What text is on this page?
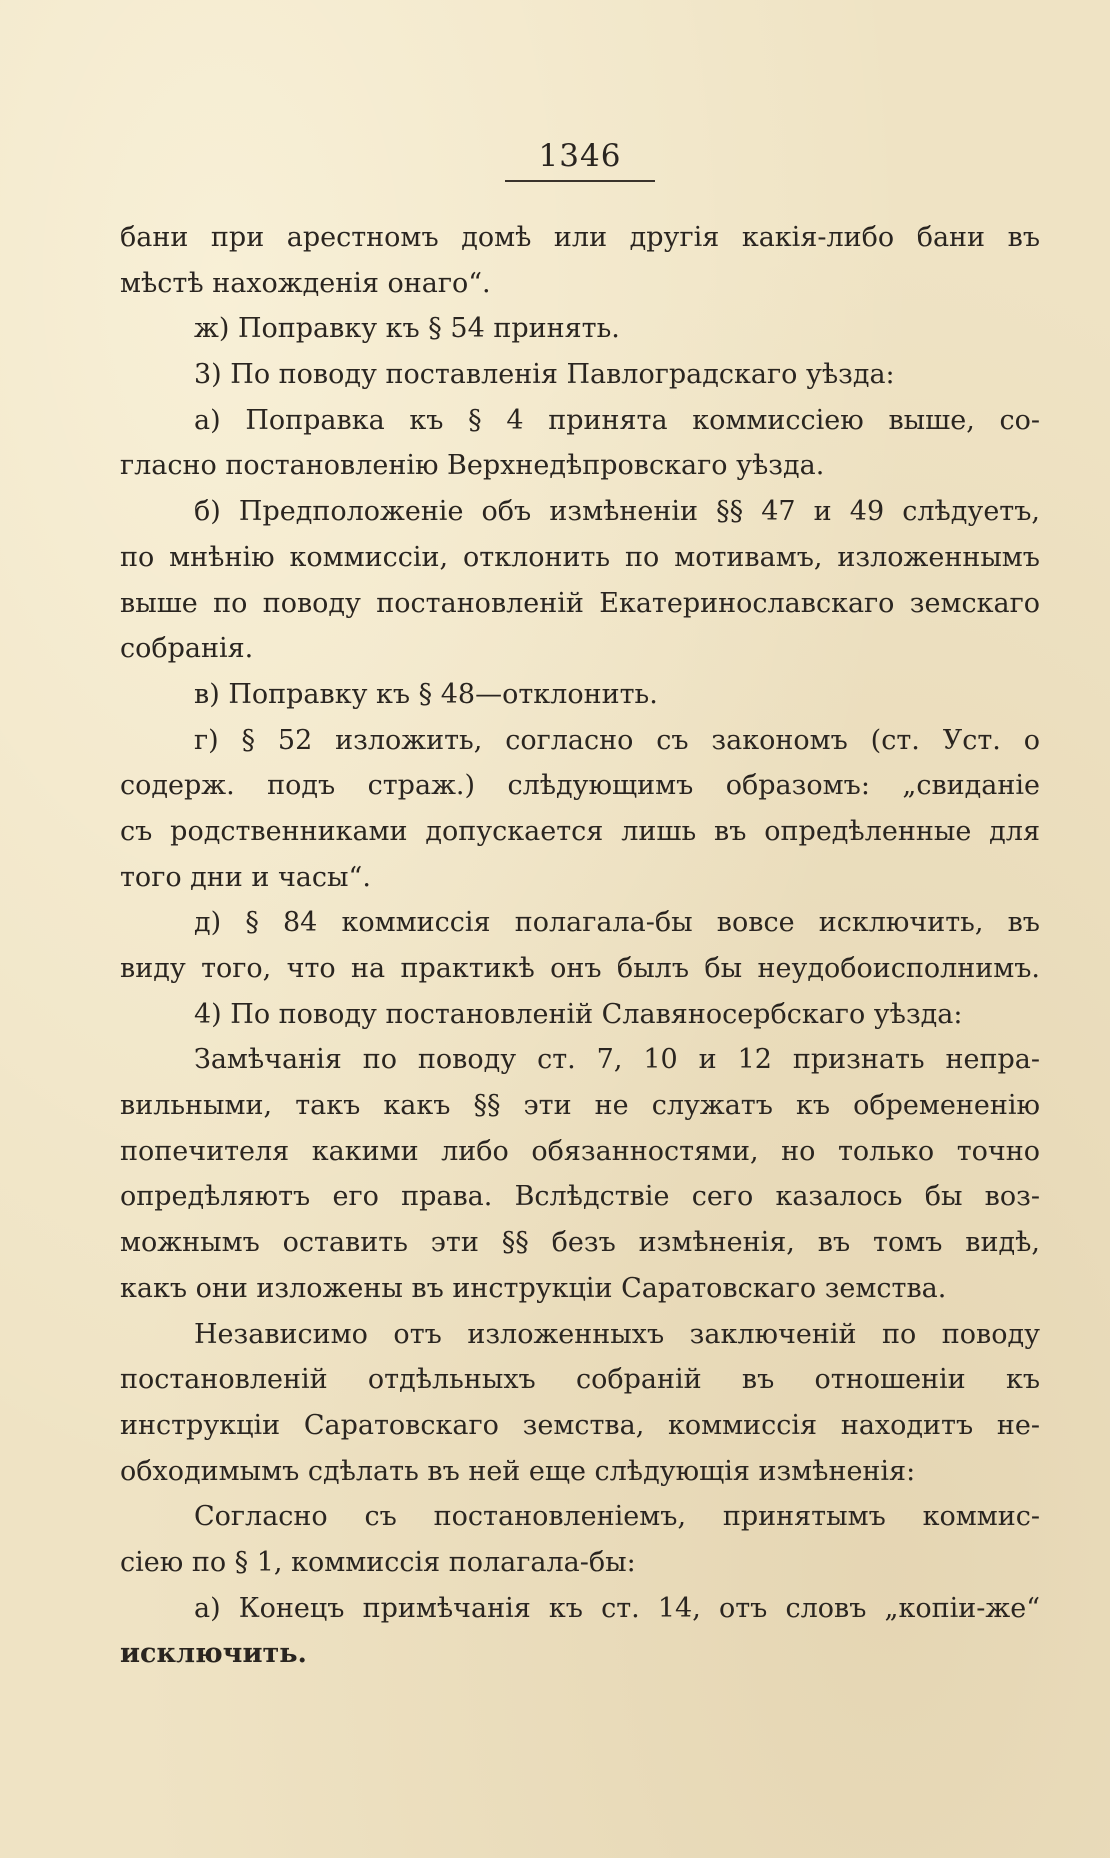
1346
бани при арестномъ домѣ или другія какія-либо бани въ
мѣстѣ нахожденія онаго“.
ж) Поправку къ § 54 принять.
3) По поводу поставленія Павлоградскаго уѣзда:
а) Поправка къ § 4 принята коммиссіею выше, со-
гласно постановленію Верхнедѣпровскаго уѣзда.
б) Предположеніе объ измѣненіи §§ 47 и 49 слѣдуетъ,
по мнѣнію коммиссіи, отклонить по мотивамъ, изложеннымъ
выше по поводу постановленій Екатеринославскаго земскаго
собранія.
в) Поправку къ § 48—отклонить.
г) § 52 изложить, согласно съ закономъ (ст. Уст. о
содерж. подъ страж.) слѣдующимъ образомъ: „свиданіе
съ родственниками допускается лишь въ опредѣленные для
того дни и часы“.
д) § 84 коммиссія полагала-бы вовсе исключить, въ
виду того, что на практикѣ онъ былъ бы неудобоисполнимъ.
4) По поводу постановленій Славяносербскаго уѣзда:
Замѣчанія по поводу ст. 7, 10 и 12 признать непра-
вильными, такъ какъ §§ эти не служатъ къ обремененію
попечителя какими либо обязанностями, но только точно
опредѣляютъ его права. Вслѣдствіе сего казалось бы воз-
можнымъ оставить эти §§ безъ измѣненія, въ томъ видѣ,
какъ они изложены въ инструкціи Саратовскаго земства.
Независимо отъ изложенныхъ заключеній по поводу
постановленій отдѣльныхъ собраній въ отношеніи къ
инструкціи Саратовскаго земства, коммиссія находитъ не-
обходимымъ сдѣлать въ ней еще слѣдующія измѣненія:
Согласно съ постановленіемъ, принятымъ коммис-
сіею по § 1, коммиссія полагала-бы:
а) Конецъ примѣчанія къ ст. 14, отъ словъ „копіи-же“
исключить.
